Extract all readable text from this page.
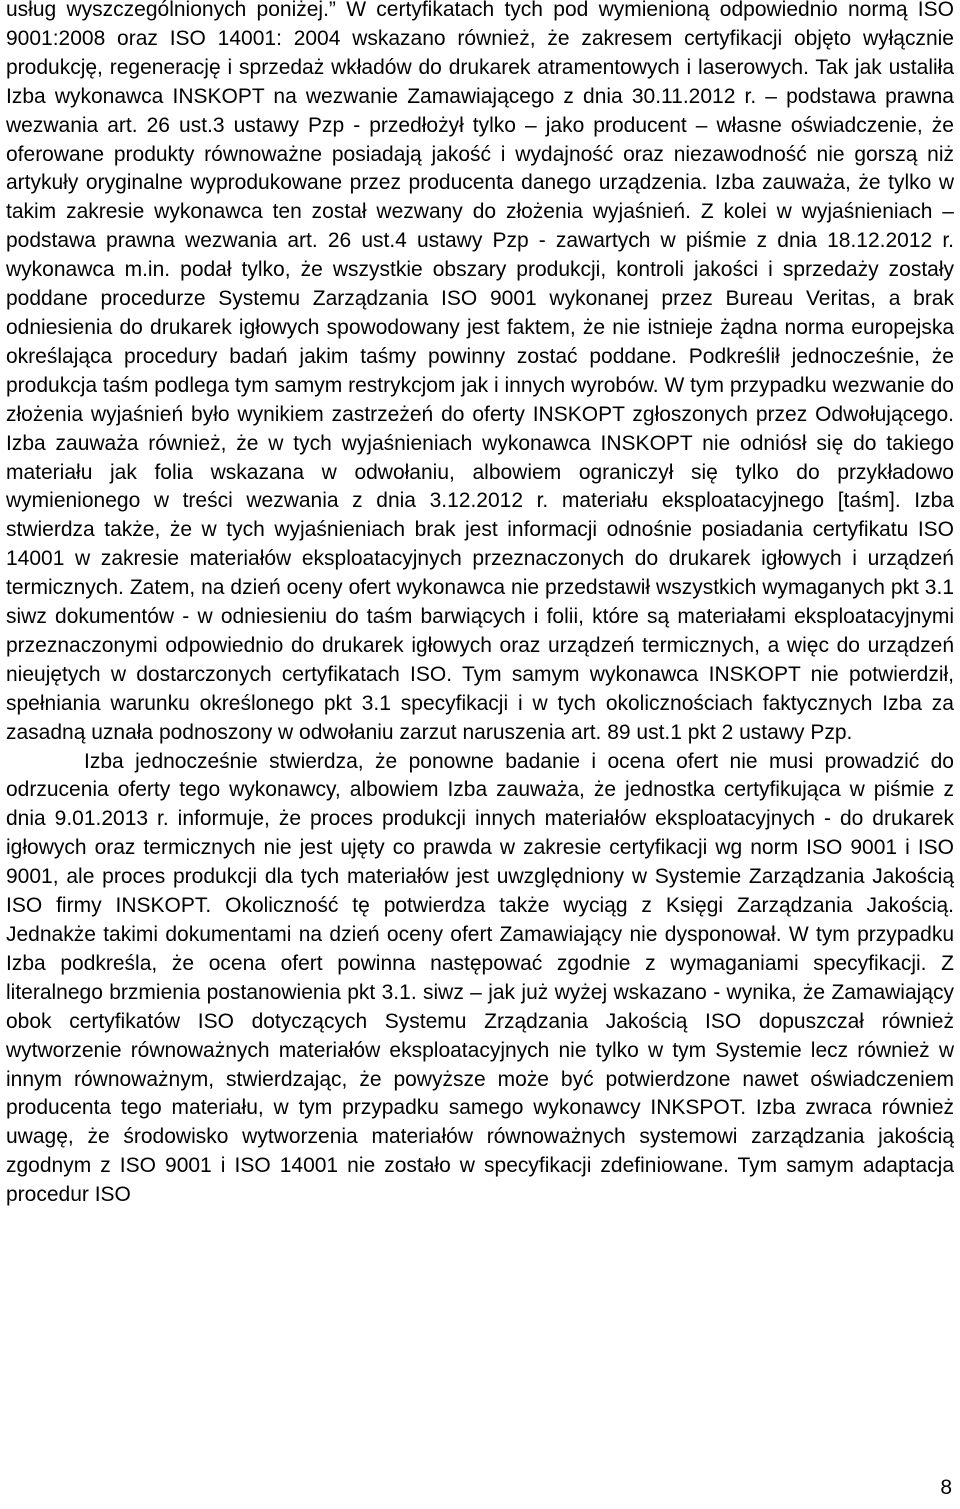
usług wyszczególnionych poniżej.” W certyfikatach tych pod wymienioną odpowiednio normą ISO 9001:2008 oraz ISO 14001: 2004 wskazano również, że zakresem certyfikacji objęto wyłącznie produkcję, regenerację i sprzedaż wkładów do drukarek atramentowych i laserowych. Tak jak ustaliła Izba wykonawca INSKOPT na wezwanie Zamawiającego z dnia 30.11.2012 r. – podstawa prawna wezwania art. 26 ust.3 ustawy Pzp - przedłożył tylko – jako producent – własne oświadczenie, że oferowane produkty równoważne posiadają jakość i wydajność oraz niezawodność nie gorszą niż artykuły oryginalne wyprodukowane przez producenta danego urządzenia. Izba zauważa, że tylko w takim zakresie wykonawca ten został wezwany do złożenia wyjaśnień. Z kolei w wyjaśnieniach – podstawa prawna wezwania art. 26 ust.4 ustawy Pzp - zawartych w piśmie z dnia 18.12.2012 r. wykonawca m.in. podał tylko, że wszystkie obszary produkcji, kontroli jakości i sprzedaży zostały poddane procedurze Systemu Zarządzania ISO 9001 wykonanej przez Bureau Veritas, a brak odniesienia do drukarek igłowych spowodowany jest faktem, że nie istnieje żądna norma europejska określająca procedury badań jakim taśmy powinny zostać poddane. Podkreślił jednocześnie, że produkcja taśm podlega tym samym restrykcjom jak i innych wyrobów. W tym przypadku wezwanie do złożenia wyjaśnień było wynikiem zastrzeżeń do oferty INSKOPT zgłoszonych przez Odwołującego. Izba zauważa również, że w tych wyjaśnieniach wykonawca INSKOPT nie odniósł się do takiego materiału jak folia wskazana w odwołaniu, albowiem ograniczył się tylko do przykładowo wymienionego w treści wezwania z dnia 3.12.2012 r. materiału eksploatacyjnego [taśm]. Izba stwierdza także, że w tych wyjaśnieniach brak jest informacji odnośnie posiadania certyfikatu ISO 14001 w zakresie materiałów eksploatacyjnych przeznaczonych do drukarek igłowych i urządzeń termicznych. Zatem, na dzień oceny ofert wykonawca nie przedstawił wszystkich wymaganych pkt 3.1 siwz dokumentów - w odniesieniu do taśm barwiących i folii, które są materiałami eksploatacyjnymi przeznaczonymi odpowiednio do drukarek igłowych oraz urządzeń termicznych, a więc do urządzeń nieujętych w dostarczonych certyfikatach ISO. Tym samym wykonawca INSKOPT nie potwierdził, spełniania warunku określonego pkt 3.1 specyfikacji i w tych okolicznościach faktycznych Izba za zasadną uznała podnoszony w odwołaniu zarzut naruszenia art. 89 ust.1 pkt 2 ustawy Pzp.

Izba jednocześnie stwierdza, że ponowne badanie i ocena ofert nie musi prowadzić do odrzucenia oferty tego wykonawcy, albowiem Izba zauważa, że jednostka certyfikująca w piśmie z dnia 9.01.2013 r. informuje, że proces produkcji innych materiałów eksploatacyjnych - do drukarek igłowych oraz termicznych nie jest ujęty co prawda w zakresie certyfikacji wg norm ISO 9001 i ISO 9001, ale proces produkcji dla tych materiałów jest uwzględniony w Systemie Zarządzania Jakością ISO firmy INSKOPT. Okoliczność tę potwierdza także wyciąg z Księgi Zarządzania Jakością. Jednakże takimi dokumentami na dzień oceny ofert Zamawiający nie dysponował. W tym przypadku Izba podkreśla, że ocena ofert powinna następować zgodnie z wymaganiami specyfikacji. Z literalnego brzmienia postanowienia pkt 3.1. siwz – jak już wyżej wskazano - wynika, że Zamawiający obok certyfikatów ISO dotyczących Systemu Zrządzania Jakością ISO dopuszczał również wytworzenie równoważnych materiałów eksploatacyjnych nie tylko w tym Systemie lecz również w innym równoważnym, stwierdzając, że powyższe może być potwierdzone nawet oświadczeniem producenta tego materiału, w tym przypadku samego wykonawcy INKSPOT. Izba zwraca również uwagę, że środowisko wytworzenia materiałów równoważnych systemowi zarządzania jakością zgodnym z ISO 9001 i ISO 14001 nie zostało w specyfikacji zdefiniowane. Tym samym adaptacja procedur ISO

8
